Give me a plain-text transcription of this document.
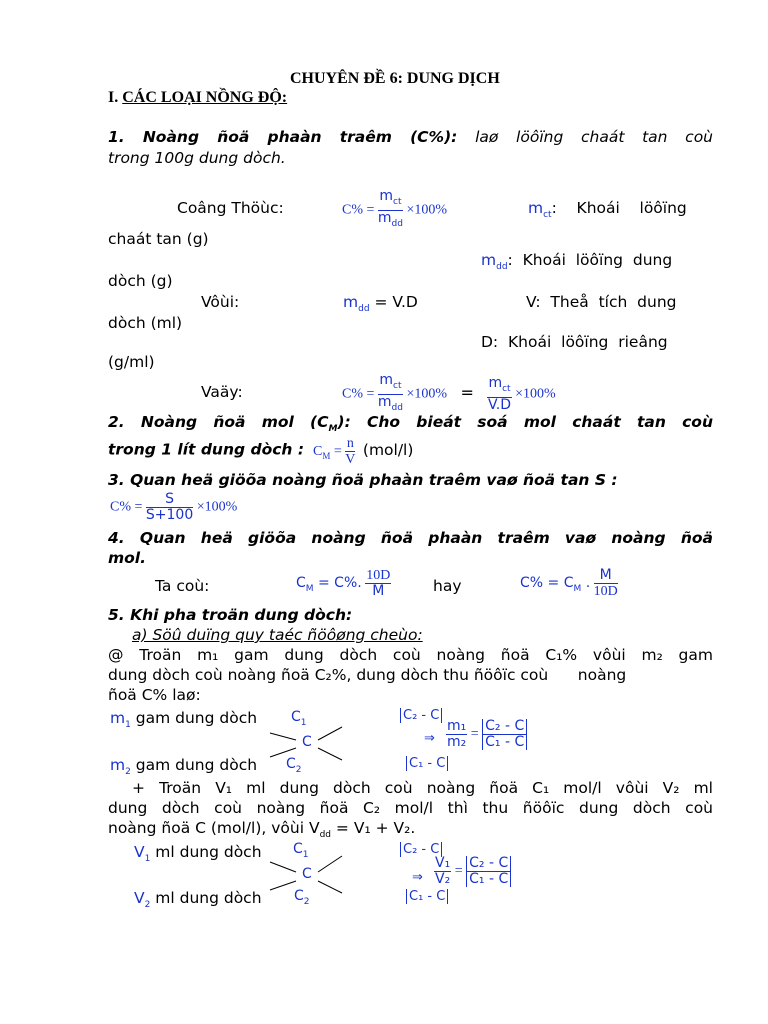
CHUYÊN ĐỀ 6: DUNG DỊCH
I. CÁC LOẠI NỒNG ĐỘ:
1. Noàng ñoä phaàn traêm (C%): laø löôïng chaát tan coù
trong 100g dung dòch.
Coâng Thöùc:	$C\% = \frac{m_{ct}}{m_{dd}} \times 100\%$	$m_{ct}$:    Khoái    löôïng
chaát tan (g)
$m_{dd}$:  Khoái  löôïng  dung
dòch (g)
Vôùi:	$m_{dd} = V.D$	V:  Theå  tích  dung
dòch (ml)
D:  Khoái  löôïng  rieâng
(g/ml)
Vaäy:	$C\% = \frac{m_{ct}}{m_{dd}} \times 100\% = \frac{m_{ct}}{V.D} \times 100\%$
2. Noàng ñoä mol $(C_M)$: Cho bieát soá mol chaát tan coù
trong 1 lít dung dòch : $C_M = \frac{n}{V} (mol/l)$
3. Quan heä giöõa noàng ñoä phaàn traêm vaø ñoä tan S :
$C\% = \frac{S}{S+100} \times 100\%$
4. Quan heä giöõa noàng ñoä phaàn traêm vaø noàng ñoä
mol.
Ta coù:	$C_M = C\%$. $\frac{10D}{M}$	hay	$C\% = C_M$ . $\frac{M}{10D}$
5. Khi pha troän dung dòch:
a) Söû duïng quy taéc ñöôøng cheùo:
@ Troän m₁ gam dung dòch coù noàng ñoä C₁% vôùi m₂ gam
dung dòch coù noàng ñoä C₂%, dung dòch thu ñöôïc coù      noàng
ñoä C% laø:
$m_1$ gam dung dòch $C_1$
C
$C_2$
$m_2$ gam dung dòch
C₂ - C
⇒ $\frac{\text{m₁}}{\text{m₂}} = \frac{\text{C₂ - C}}{\text{C₁ - C}}$
C₁ - C
+ Troän V₁ ml dung dòch coù noàng ñoä C₁ mol/l vôùi V₂ ml
dung dòch coù noàng ñoä C₂ mol/l thì thu ñöôïc dung dòch coù
noàng ñoä C (mol/l), vôùi $V_{dd} = V_1 + V_2$.
$V_1$ ml dung dòch $C_1$
C
$C_2$
$V_2$ ml dung dòch
C₂ - C
⇒ $\frac{\text{V₁}}{\text{V₂}} = \frac{\text{C₂ - C}}{\text{C₁ - C}}$
C₁ - C
